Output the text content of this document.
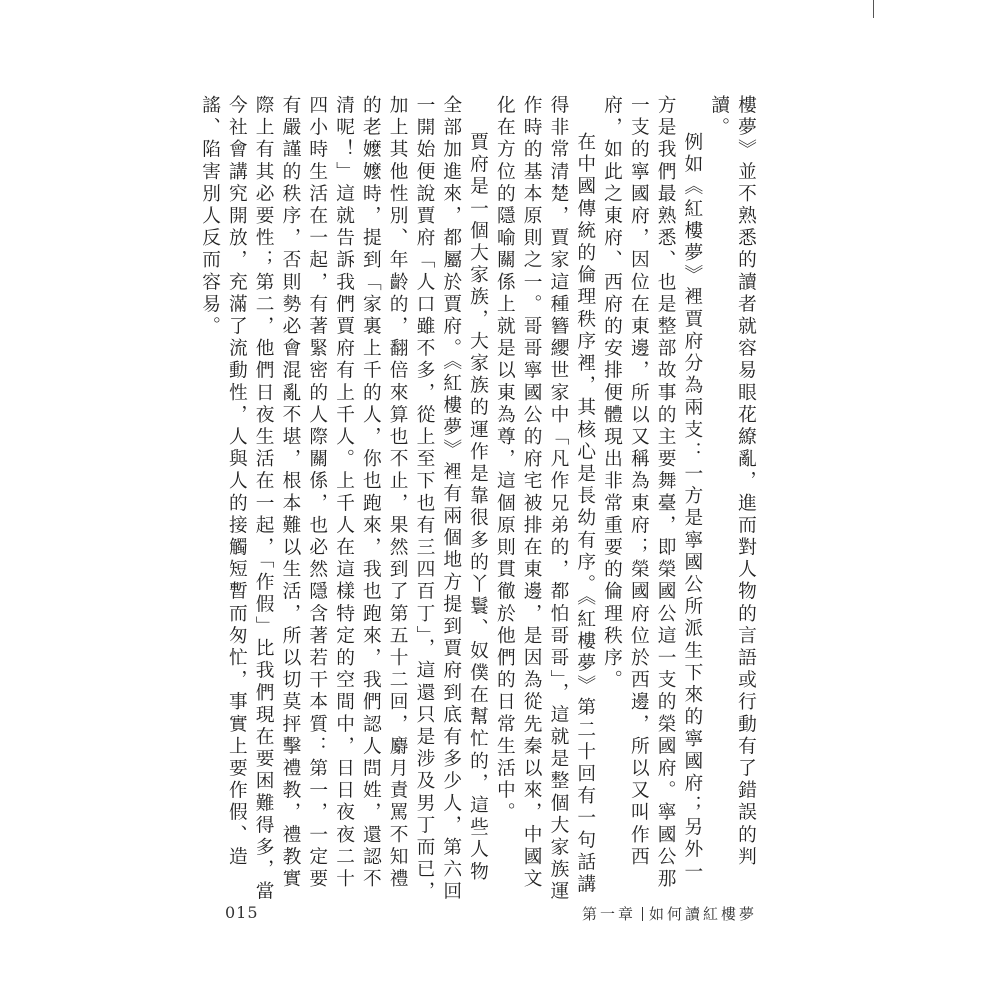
樓夢》並不熟悉的讀者就容易眼花繚亂，進而對人物的言語或行動有了錯誤的判讀。

例如《紅樓夢》裡賈府分為兩支：一方是寧國公所派生下來的寧國府；另外一方是我們最熟悉、也是整部故事的主要舞臺，即榮國公這一支的榮國府。寧國公那一支的寧國府，因位在東邊，所以又稱為東府；榮國府位於西邊，所以又叫作西府，如此之東府、西府的安排便體現出非常重要的倫理秩序。

在中國傳統的倫理秩序裡，其核心是長幼有序。《紅樓夢》第二十回有一句話講得非常清楚，賈家這種簪纓世家中「凡作兄弟的，都怕哥哥」，這就是整個大家族運作時的基本原則之一。哥哥寧國公的府宅被排在東邊，是因為從先秦以來，中國文化在方位的隱喻關係上就是以東為尊，這個原則貫徹於他們的日常生活中。

賈府是一個大家族，大家族的運作是靠很多的丫鬟、奴僕在幫忙的，這些人物全部加進來，都屬於賈府。《紅樓夢》裡有兩個地方提到賈府到底有多少人，第六回一開始便說賈府「人口雖不多，從上至下也有三四百丁」，這還只是涉及男丁而已，加上其他性別、年齡的，翻倍來算也不止，果然到了第五十二回，麝月責罵不知禮的老嬤嬤時，提到「家裏上千的人，你也跑來，我也跑來，我們認人問姓，還認不清呢！」這就告訴我們賈府有上千人。上千人在這樣特定的空間中，日日夜夜二十四小時生活在一起，有著緊密的人際關係，也必然隱含著若干本質：第一，一定要有嚴謹的秩序，否則勢必會混亂不堪，根本難以生活，所以切莫抨擊禮教，禮教實際上有其必要性；第二，他們日夜生活在一起，「作假」比我們現在要困難得多，當今社會講究開放，充滿了流動性，人與人的接觸短暫而匆忙，事實上要作假、造謠、陷害別人反而容易。

015	第一章 如何讀紅樓夢
